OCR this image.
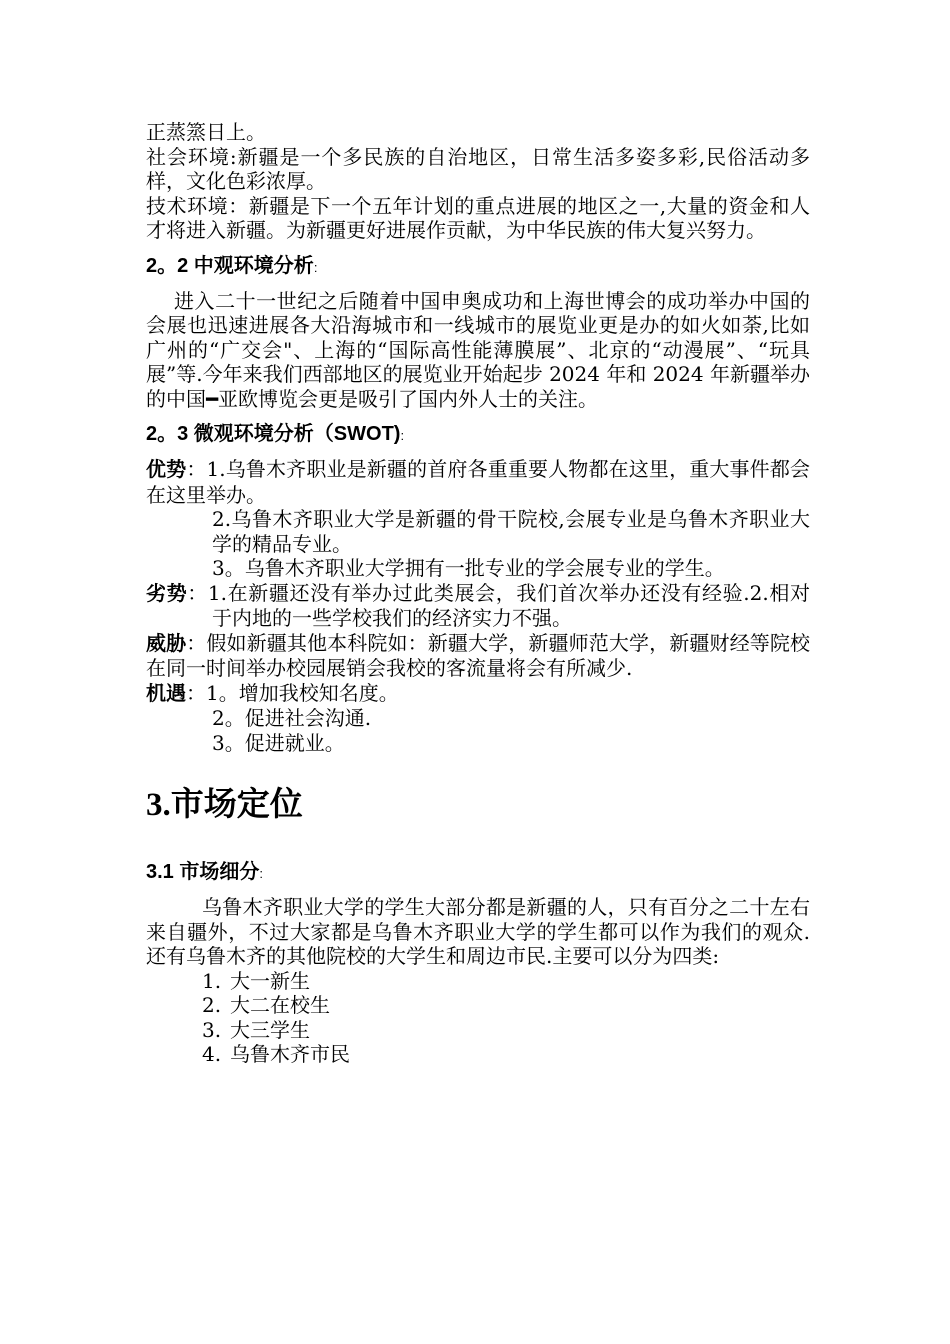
正蒸篜日上。

社会环境:新疆是一个多民族的自治地区，日常生活多姿多彩,民俗活动多样，文化色彩浓厚。

技术环境：新疆是下一个五年计划的重点进展的地区之一,大量的资金和人才将进入新疆。为新疆更好进展作贡献，为中华民族的伟大复兴努力。

2。2 中观环境分析:

进入二十一世纪之后随着中国申奥成功和上海世博会的成功举办中国的会展也迅速进展各大沿海城市和一线城市的展览业更是办的如火如荼,比如广州的“广交会"、上海的“国际高性能薄膜展”、北京的“动漫展”、“玩具展”等.今年来我们西部地区的展览业开始起步 2024 年和 2024 年新疆举办的中国━亚欧博览会更是吸引了国内外人士的关注。

2。3 微观环境分析（SWOT):

优势：1.乌鲁木齐职业是新疆的首府各重重要人物都在这里，重大事件都会在这里举办。

2.乌鲁木齐职业大学是新疆的骨干院校,会展专业是乌鲁木齐职业大学的精品专业。

3。乌鲁木齐职业大学拥有一批专业的学会展专业的学生。

劣势：1.在新疆还没有举办过此类展会，我们首次举办还没有经验.2.相对于内地的一些学校我们的经济实力不强。

威胁：假如新疆其他本科院如：新疆大学，新疆师范大学，新疆财经等院校在同一时间举办校园展销会我校的客流量将会有所减少.

机遇：1。增加我校知名度。

2。促进社会沟通.

3。促进就业。

3.市场定位
3.1 市场细分:

乌鲁木齐职业大学的学生大部分都是新疆的人，只有百分之二十左右来自疆外，不过大家都是乌鲁木齐职业大学的学生都可以作为我们的观众.还有乌鲁木齐的其他院校的大学生和周边市民.主要可以分为四类:

1. 大一新生
2. 大二在校生
3. 大三学生
4. 乌鲁木齐市民
